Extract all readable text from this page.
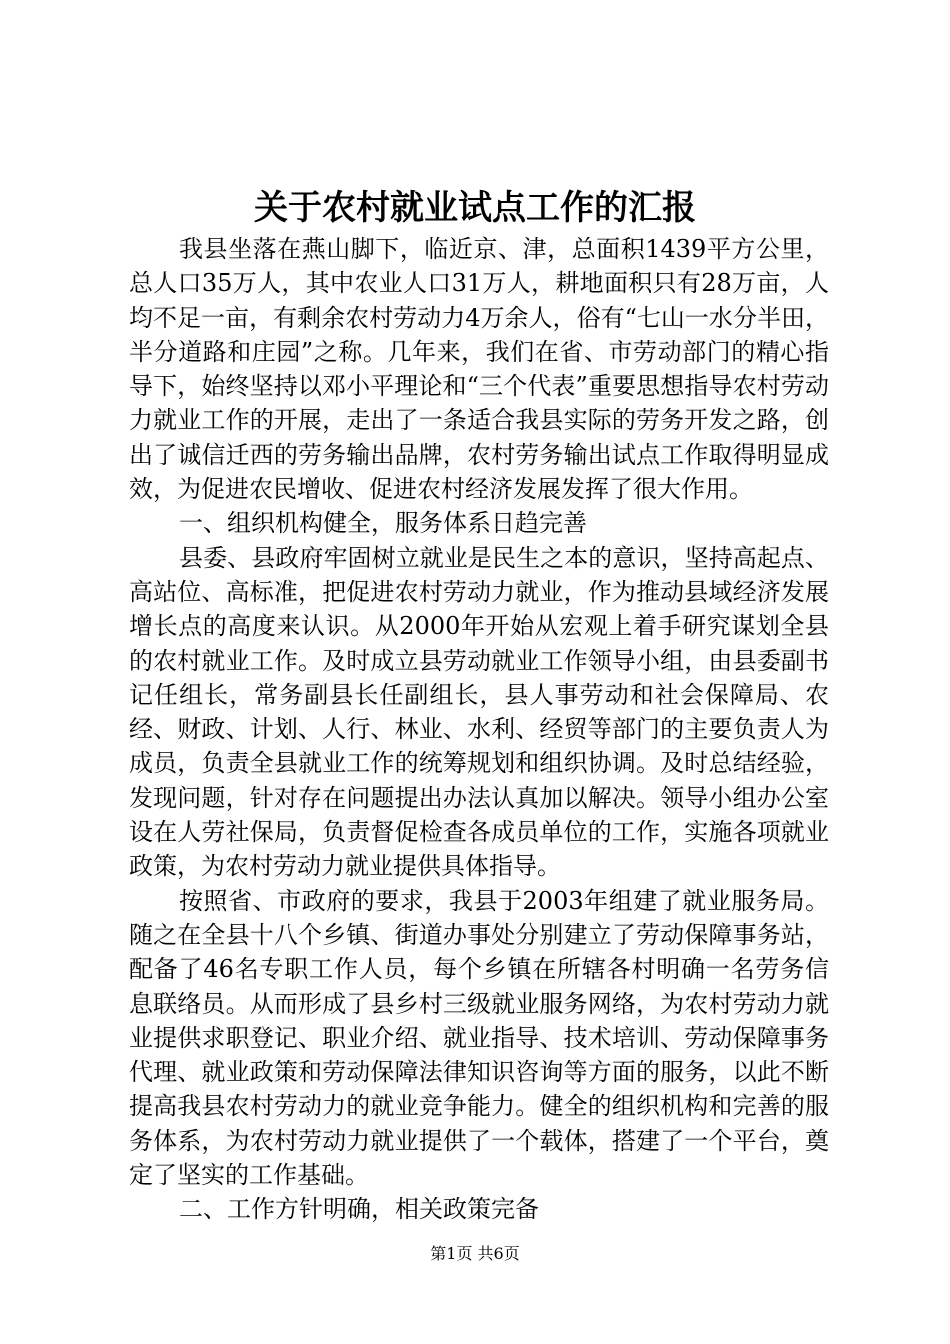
关于农村就业试点工作的汇报

我县坐落在燕山脚下，临近京、津，总面积1439平方公里，总人口35万人，其中农业人口31万人，耕地面积只有28万亩，人均不足一亩，有剩余农村劳动力4万余人，俗有“七山一水分半田，半分道路和庄园”之称。几年来，我们在省、市劳动部门的精心指导下，始终坚持以邓小平理论和“三个代表”重要思想指导农村劳动力就业工作的开展，走出了一条适合我县实际的劳务开发之路，创出了诚信迁西的劳务输出品牌，农村劳务输出试点工作取得明显成效，为促进农民增收、促进农村经济发展发挥了很大作用。

一、组织机构健全，服务体系日趋完善

县委、县政府牢固树立就业是民生之本的意识，坚持高起点、高站位、高标准，把促进农村劳动力就业，作为推动县域经济发展增长点的高度来认识。从2000年开始从宏观上着手研究谋划全县的农村就业工作。及时成立县劳动就业工作领导小组，由县委副书记任组长，常务副县长任副组长，县人事劳动和社会保障局、农经、财政、计划、人行、林业、水利、经贸等部门的主要负责人为成员，负责全县就业工作的统筹规划和组织协调。及时总结经验，发现问题，针对存在问题提出办法认真加以解决。领导小组办公室设在人劳社保局，负责督促检查各成员单位的工作，实施各项就业政策，为农村劳动力就业提供具体指导。

按照省、市政府的要求，我县于2003年组建了就业服务局。随之在全县十八个乡镇、街道办事处分别建立了劳动保障事务站，配备了46名专职工作人员，每个乡镇在所辖各村明确一名劳务信息联络员。从而形成了县乡村三级就业服务网络，为农村劳动力就业提供求职登记、职业介绍、就业指导、技术培训、劳动保障事务代理、就业政策和劳动保障法律知识咨询等方面的服务，以此不断提高我县农村劳动力的就业竞争能力。健全的组织机构和完善的服务体系，为农村劳动力就业提供了一个载体，搭建了一个平台，奠定了坚实的工作基础。

二、工作方针明确，相关政策完备

第1页 共6页
